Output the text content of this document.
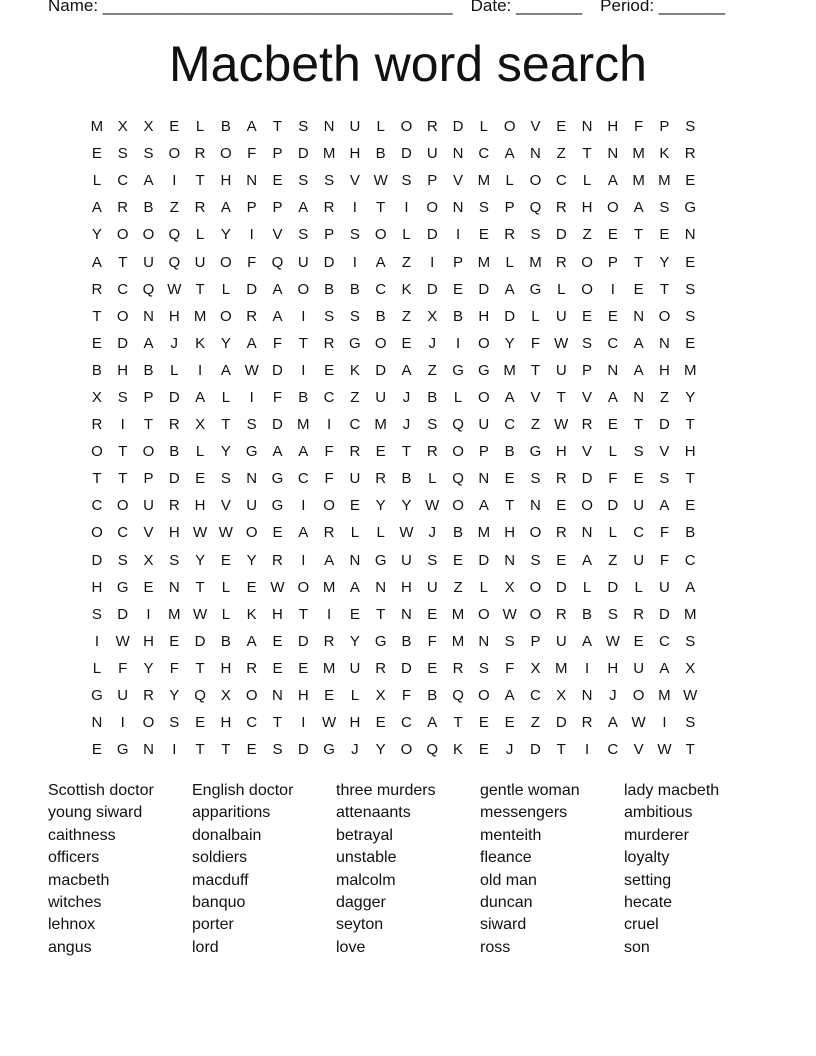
Name: _____________________________________ Date: _______ Period: _______
Macbeth word search
M X	X	E	L	B	A	T	S	N U	L	O R D	L	O V	E	N H	F	P	S
E	S	S O R O	F	P	D M H	B	D U N C	A	N	Z	T	N M K	R
L	C	A	I	T	H N	E	S	S	V W S	P	V M	L	O C	L	A M M E
A	R	B	Z	R	A	P	P	A	R	I	T	I	O N	S	P Q R H O A	S G
Y O O Q	L	Y	I	V	S	P	S O	L	D	I	E	R	S	D	Z	E	T	E	N
A	T	U Q U O	F	Q U D	I	A	Z	I	P M	L	M R O P	T	Y	E
R C Q W T	L	D	A O B	B	C	K	D	E	D	A G	L	O	I	E	T	S
T	O N H M O R	A	I	S	S	B	Z	X	B	H D	L	U	E	E	N O S
E	D	A	J	K	Y	A	F	T	R G O E	J	I	O Y	F W S	C	A	N	E
B	H	B	L	I	A W D	I	E	K	D	A	Z	G G M T	U	P	N	A	H M
X	S	P	D	A	L	I	F	B	C	Z	U	J	B	L	O A	V	T	V	A	N	Z	Y
R	I	T	R	X	T	S	D M	I	C M	J	S Q U C	Z W R	E	T	D	T
O	T	O B	L	Y G A	A	F	R	E	T	R O P	B G H	V	L	S	V	H
T	T	P	D	E	S	N G C	F	U R	B	L	Q N	E	S	R D	F	E	S	T
C O U R H	V	U G	I	O E	Y	Y W O A	T	N	E O D U	A	E
O C	V	H W W O E	A	R	L	L W J	B M H O R N	L	C	F	B
D	S	X	S	Y	E	Y	R	I	A	N G U	S	E	D N	S	E	A	Z	U	F	C
H G E	N	T	L	E W O M A	N H U	Z	L	X O D	L	D	L	U	A
S	D	I	M W L	K	H	T	I	E	T	N	E M O W O R	B	S	R D M
I	W H	E	D	B	A	E	D R	Y G B	F M N	S	P	U	A W E	C	S
L	F	Y	F	T	H R	E	E M U R D	E	R	S	F	X M	I	H U	A	X
G U R	Y Q X O N H	E	L	X	F	B Q O A	C	X	N	J	O M W
N	I	O S	E	H C	T	I	W H	E	C	A	T	E	E	Z	D R	A W	I	S
E G N	I	T	T	E	S	D G	J	Y O Q K	E	J	D	T	I	C	V W T
Scottish doctor
young siward
caithness
officers
macbeth
witches
lehnox
angus
English doctor
apparitions
donalbain
soldiers
macduff
banquo
porter
lord
three murders
attenaants
betrayal
unstable
malcolm
dagger
seyton
love
gentle woman
messengers
menteith
fleance
old man
duncan
siward
ross
lady macbeth
ambitious
murderer
loyalty
setting
hecate
cruel
son
